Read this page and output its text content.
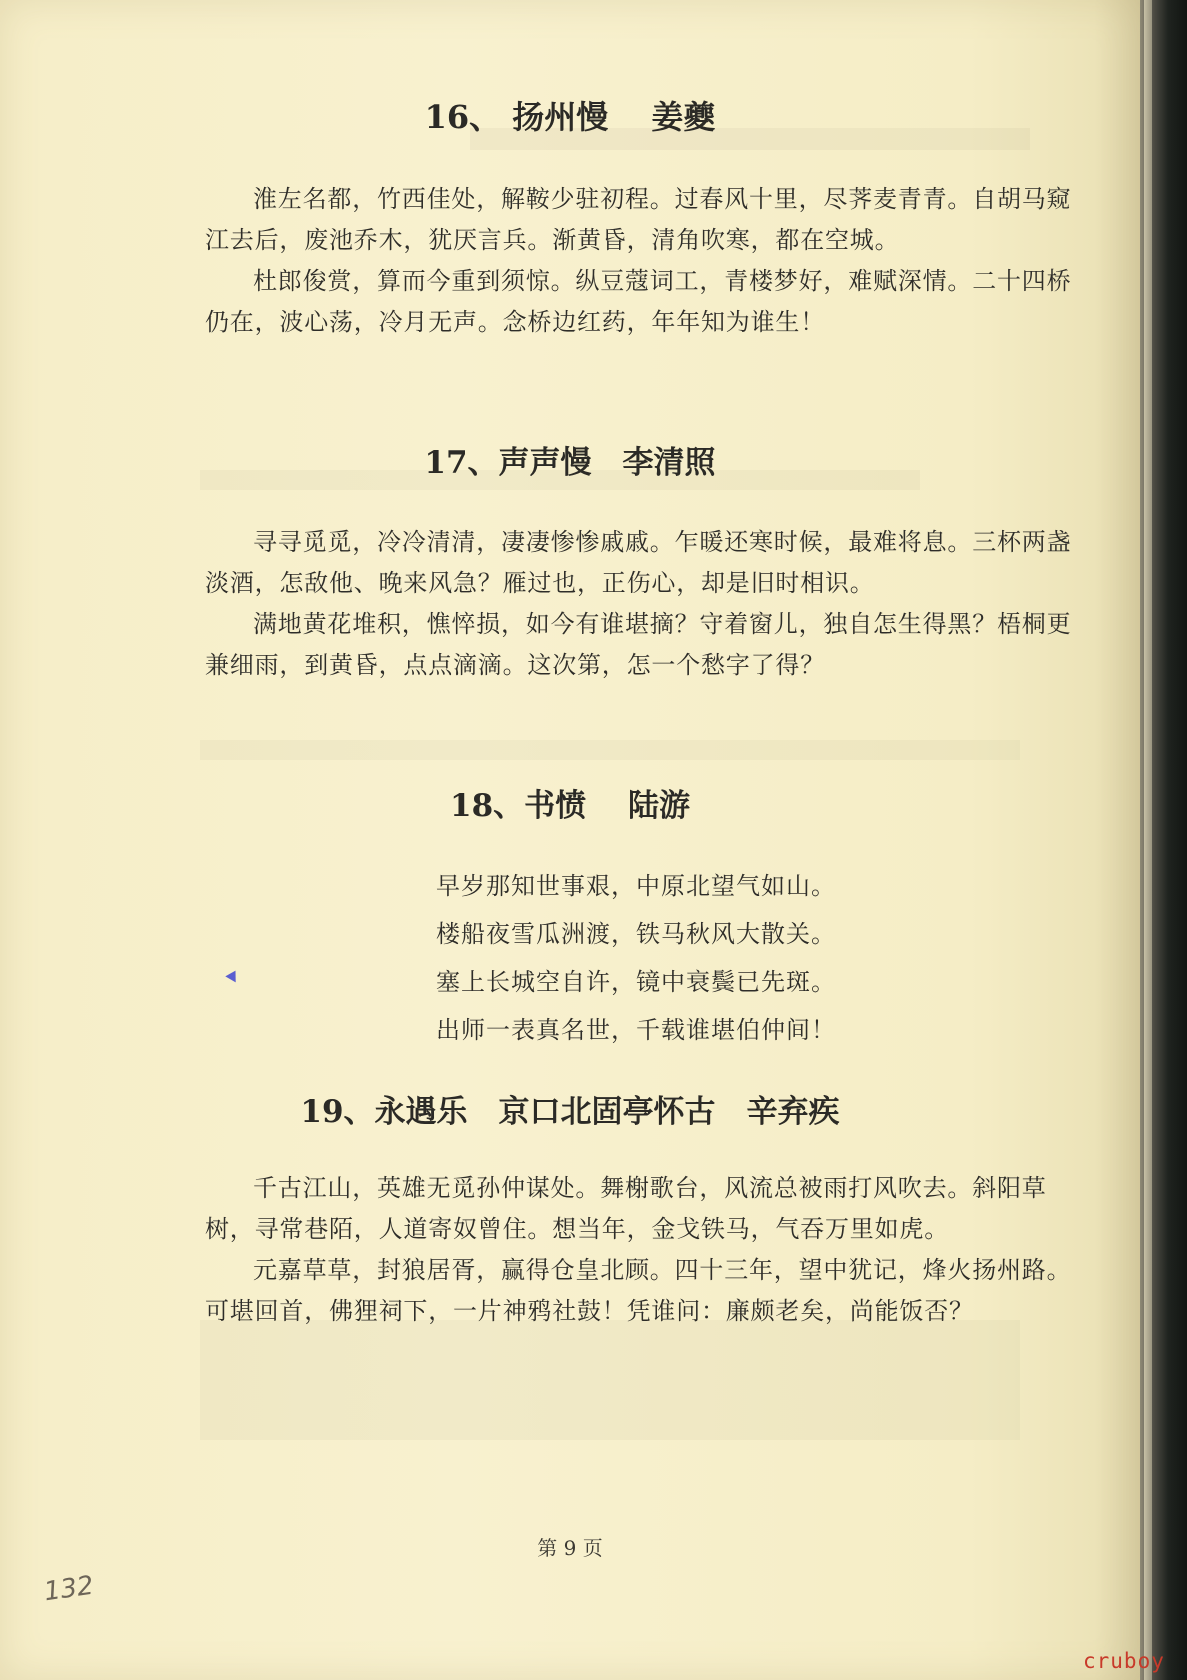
16、 扬州慢　 姜夔

淮左名都，竹西佳处，解鞍少驻初程。过春风十里，尽荠麦青青。自胡马窥江去后，废池乔木，犹厌言兵。渐黄昏，清角吹寒，都在空城。

杜郎俊赏，算而今重到须惊。纵豆蔻词工，青楼梦好，难赋深情。二十四桥仍在，波心荡，冷月无声。念桥边红药，年年知为谁生！

17、声声慢　李清照

寻寻觅觅，冷冷清清，凄凄惨惨戚戚。乍暖还寒时候，最难将息。三杯两盏淡酒，怎敌他、晚来风急？雁过也，正伤心，却是旧时相识。

满地黄花堆积，憔悴损，如今有谁堪摘？守着窗儿，独自怎生得黑？梧桐更兼细雨，到黄昏，点点滴滴。这次第，怎一个愁字了得？

18、书愤　 陆游
早岁那知世事艰，中原北望气如山。
楼船夜雪瓜洲渡，铁马秋风大散关。
塞上长城空自许，镜中衰鬓已先斑。
出师一表真名世，千载谁堪伯仲间！
19、永遇乐　京口北固亭怀古　辛弃疾

千古江山，英雄无觅孙仲谋处。舞榭歌台，风流总被雨打风吹去。斜阳草树，寻常巷陌，人道寄奴曾住。想当年，金戈铁马，气吞万里如虎。

元嘉草草，封狼居胥，赢得仓皇北顾。四十三年，望中犹记，烽火扬州路。可堪回首，佛狸祠下，一片神鸦社鼓！凭谁问：廉颇老矣，尚能饭否？

第 9 页
132
cruboy
